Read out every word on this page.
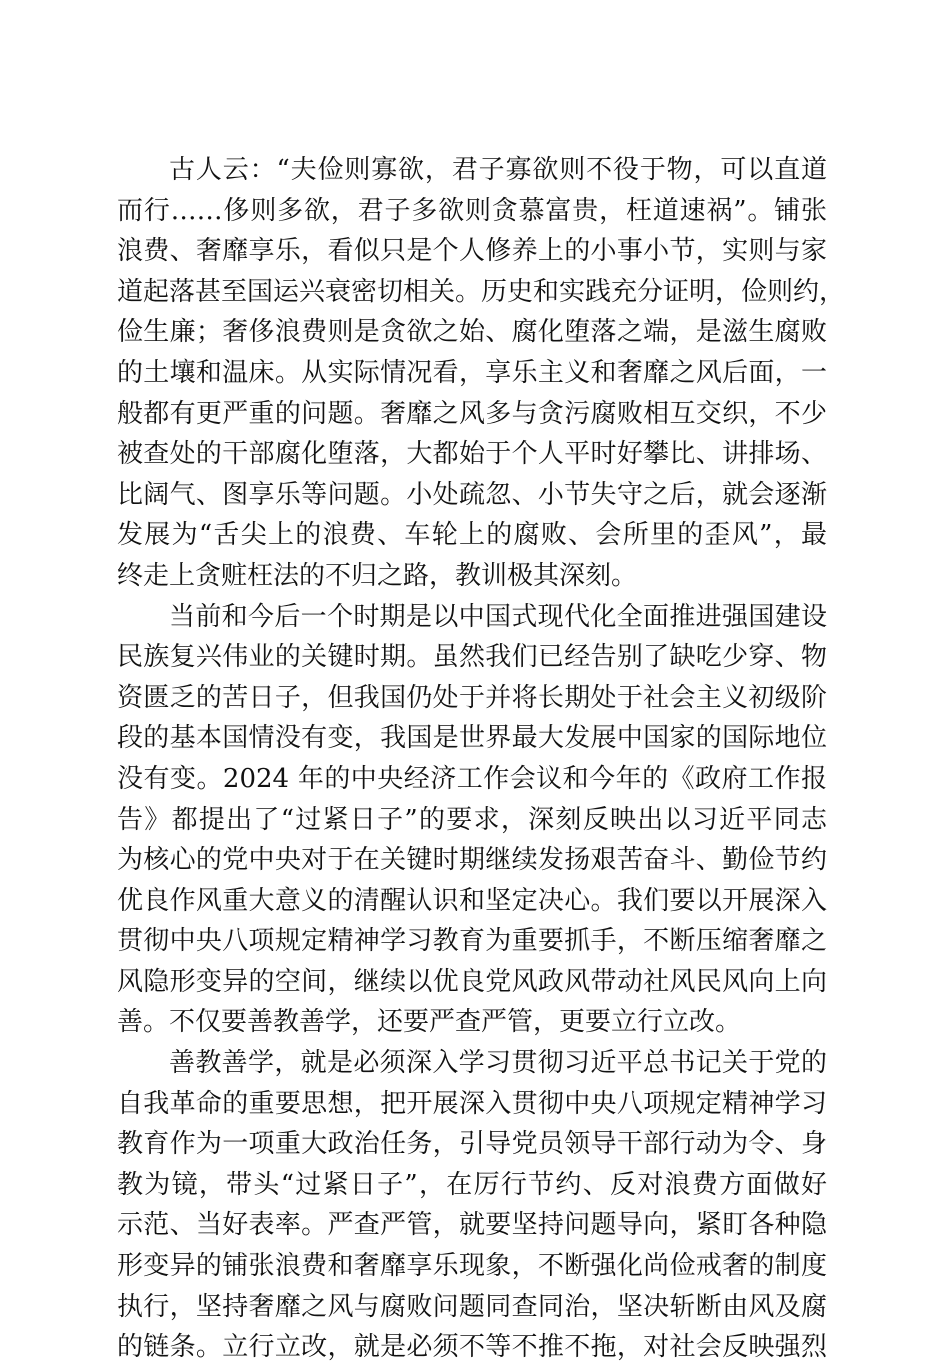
古人云：“夫俭则寡欲，君子寡欲则不役于物，可以直道
而行……侈则多欲，君子多欲则贪慕富贵，枉道速祸”。铺张
浪费、奢靡享乐，看似只是个人修养上的小事小节，实则与家
道起落甚至国运兴衰密切相关。历史和实践充分证明，俭则约，
俭生廉；奢侈浪费则是贪欲之始、腐化堕落之端，是滋生腐败
的土壤和温床。从实际情况看，享乐主义和奢靡之风后面，一
般都有更严重的问题。奢靡之风多与贪污腐败相互交织，不少
被查处的干部腐化堕落，大都始于个人平时好攀比、讲排场、
比阔气、图享乐等问题。小处疏忽、小节失守之后，就会逐渐
发展为“舌尖上的浪费、车轮上的腐败、会所里的歪风”，最
终走上贪赃枉法的不归之路，教训极其深刻。
当前和今后一个时期是以中国式现代化全面推进强国建设
民族复兴伟业的关键时期。虽然我们已经告别了缺吃少穿、物
资匮乏的苦日子，但我国仍处于并将长期处于社会主义初级阶
段的基本国情没有变，我国是世界最大发展中国家的国际地位
没有变。2024 年的中央经济工作会议和今年的《政府工作报
告》都提出了“过紧日子”的要求，深刻反映出以习近平同志
为核心的党中央对于在关键时期继续发扬艰苦奋斗、勤俭节约
优良作风重大意义的清醒认识和坚定决心。我们要以开展深入
贯彻中央八项规定精神学习教育为重要抓手，不断压缩奢靡之
风隐形变异的空间，继续以优良党风政风带动社风民风向上向
善。不仅要善教善学，还要严查严管，更要立行立改。
善教善学，就是必须深入学习贯彻习近平总书记关于党的
自我革命的重要思想，把开展深入贯彻中央八项规定精神学习
教育作为一项重大政治任务，引导党员领导干部行动为令、身
教为镜，带头“过紧日子”，在厉行节约、反对浪费方面做好
示范、当好表率。严查严管，就要坚持问题导向，紧盯各种隐
形变异的铺张浪费和奢靡享乐现象，不断强化尚俭戒奢的制度
执行，坚持奢靡之风与腐败问题同查同治，坚决斩断由风及腐
的链条。立行立改，就是必须不等不推不拖，对社会反映强烈
